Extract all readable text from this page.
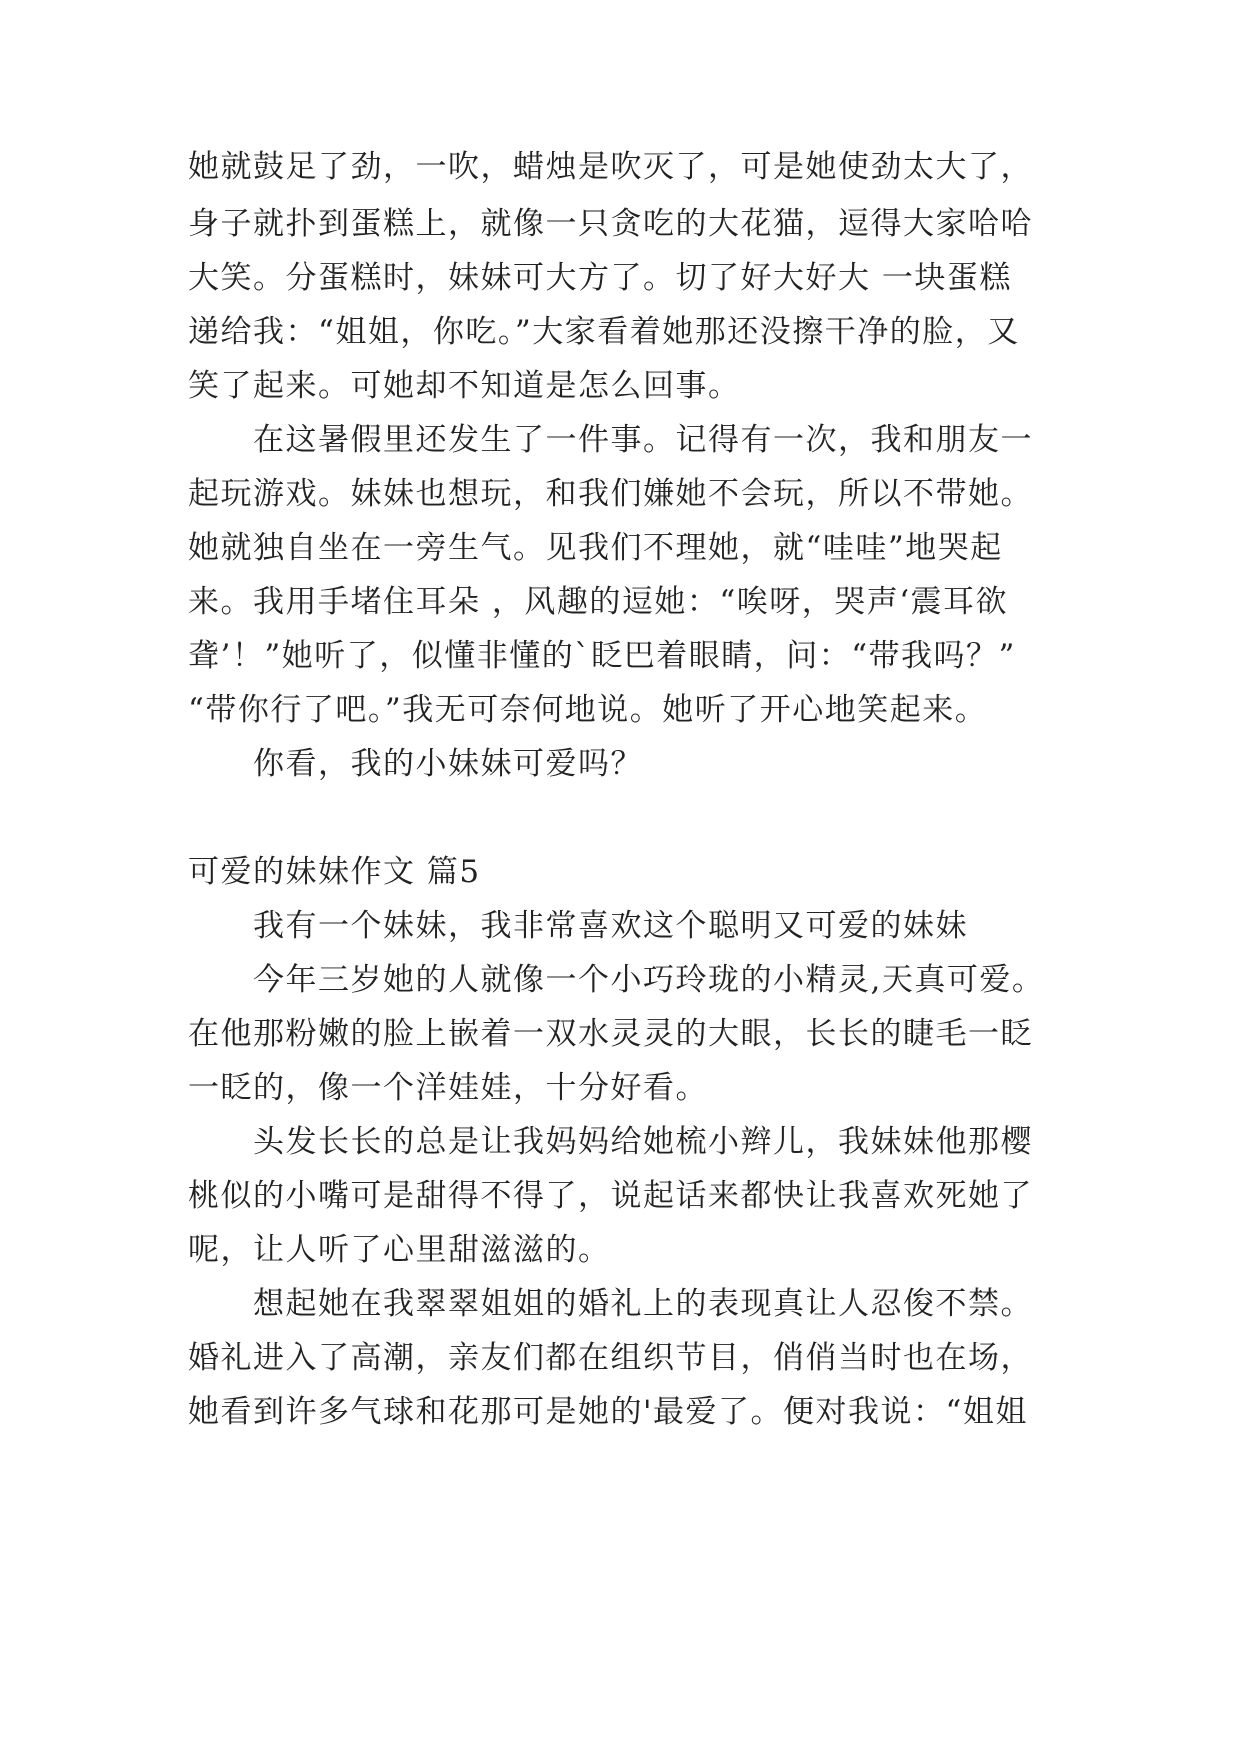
她就鼓足了劲，一吹，蜡烛是吹灭了，可是她使劲太大了，
身子就扑到蛋糕上，就像一只贪吃的大花猫，逗得大家哈哈
大笑。分蛋糕时，妹妹可大方了。切了好大好大 一块蛋糕
递给我：“姐姐，你吃。”大家看着她那还没擦干净的脸，又
笑了起来。可她却不知道是怎么回事。
在这暑假里还发生了一件事。记得有一次，我和朋友一
起玩游戏。妹妹也想玩，和我们嫌她不会玩，所以不带她。
她就独自坐在一旁生气。见我们不理她，就“哇哇”地哭起
来。我用手堵住耳朵 ，风趣的逗她：“唉呀，哭声‘震耳欲
聋’！”她听了，似懂非懂的`眨巴着眼睛，问：“带我吗？”
“带你行了吧。”我无可奈何地说。她听了开心地笑起来。
你看，我的小妹妹可爱吗？
可爱的妹妹作文 篇5
我有一个妹妹，我非常喜欢这个聪明又可爱的妹妹
今年三岁她的人就像一个小巧玲珑的小精灵,天真可爱。
在他那粉嫩的脸上嵌着一双水灵灵的大眼，长长的睫毛一眨
一眨的，像一个洋娃娃，十分好看。
头发长长的总是让我妈妈给她梳小辫儿，我妹妹他那樱
桃似的小嘴可是甜得不得了，说起话来都快让我喜欢死她了
呢，让人听了心里甜滋滋的。
想起她在我翠翠姐姐的婚礼上的表现真让人忍俊不禁。
婚礼进入了高潮，亲友们都在组织节目，俏俏当时也在场，
她看到许多气球和花那可是她的'最爱了。便对我说：“姐姐
